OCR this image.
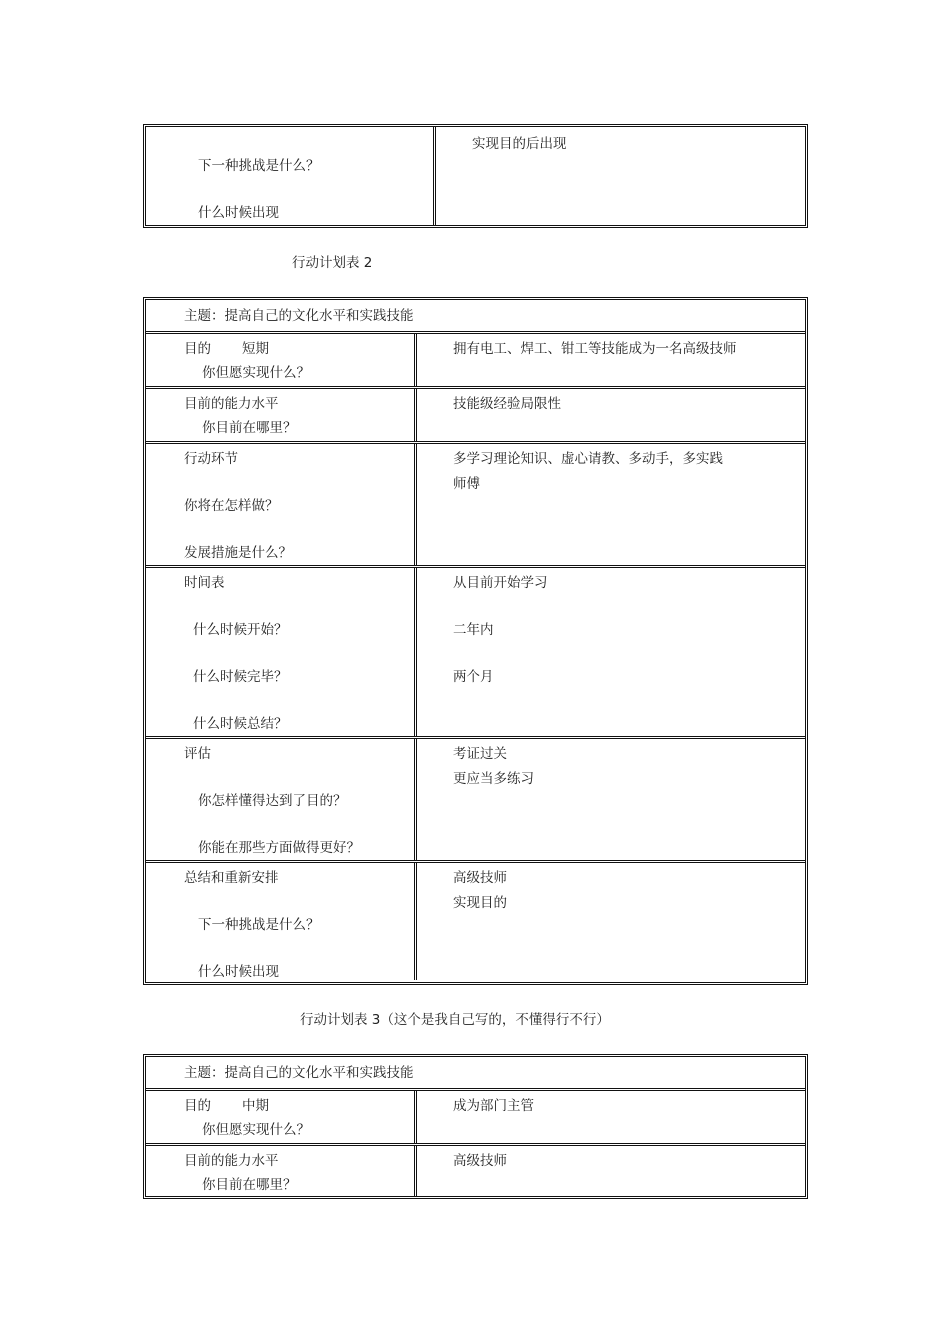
下一种挑战是什么？
什么时候出现
实现目的后出现
行动计划表 2
主题：提高自己的文化水平和实践技能
目的 短期
你但愿实现什么？
拥有电工、焊工、钳工等技能成为一名高级技师
目前的能力水平
你目前在哪里？
技能级经验局限性
行动环节
你将在怎样做？
发展措施是什么？
多学习理论知识、虚心请教、多动手，多实践
师傅
时间表
什么时候开始？
什么时候完毕？
什么时候总结？
从目前开始学习
二年内
两个月
评估
你怎样懂得达到了目的？
你能在那些方面做得更好？
考证过关
更应当多练习
总结和重新安排
下一种挑战是什么？
什么时候出现
高级技师
实现目的
行动计划表 3（这个是我自己写的，不懂得行不行）
主题：提高自己的文化水平和实践技能
目的 中期
你但愿实现什么？
成为部门主管
目前的能力水平
你目前在哪里？
高级技师
